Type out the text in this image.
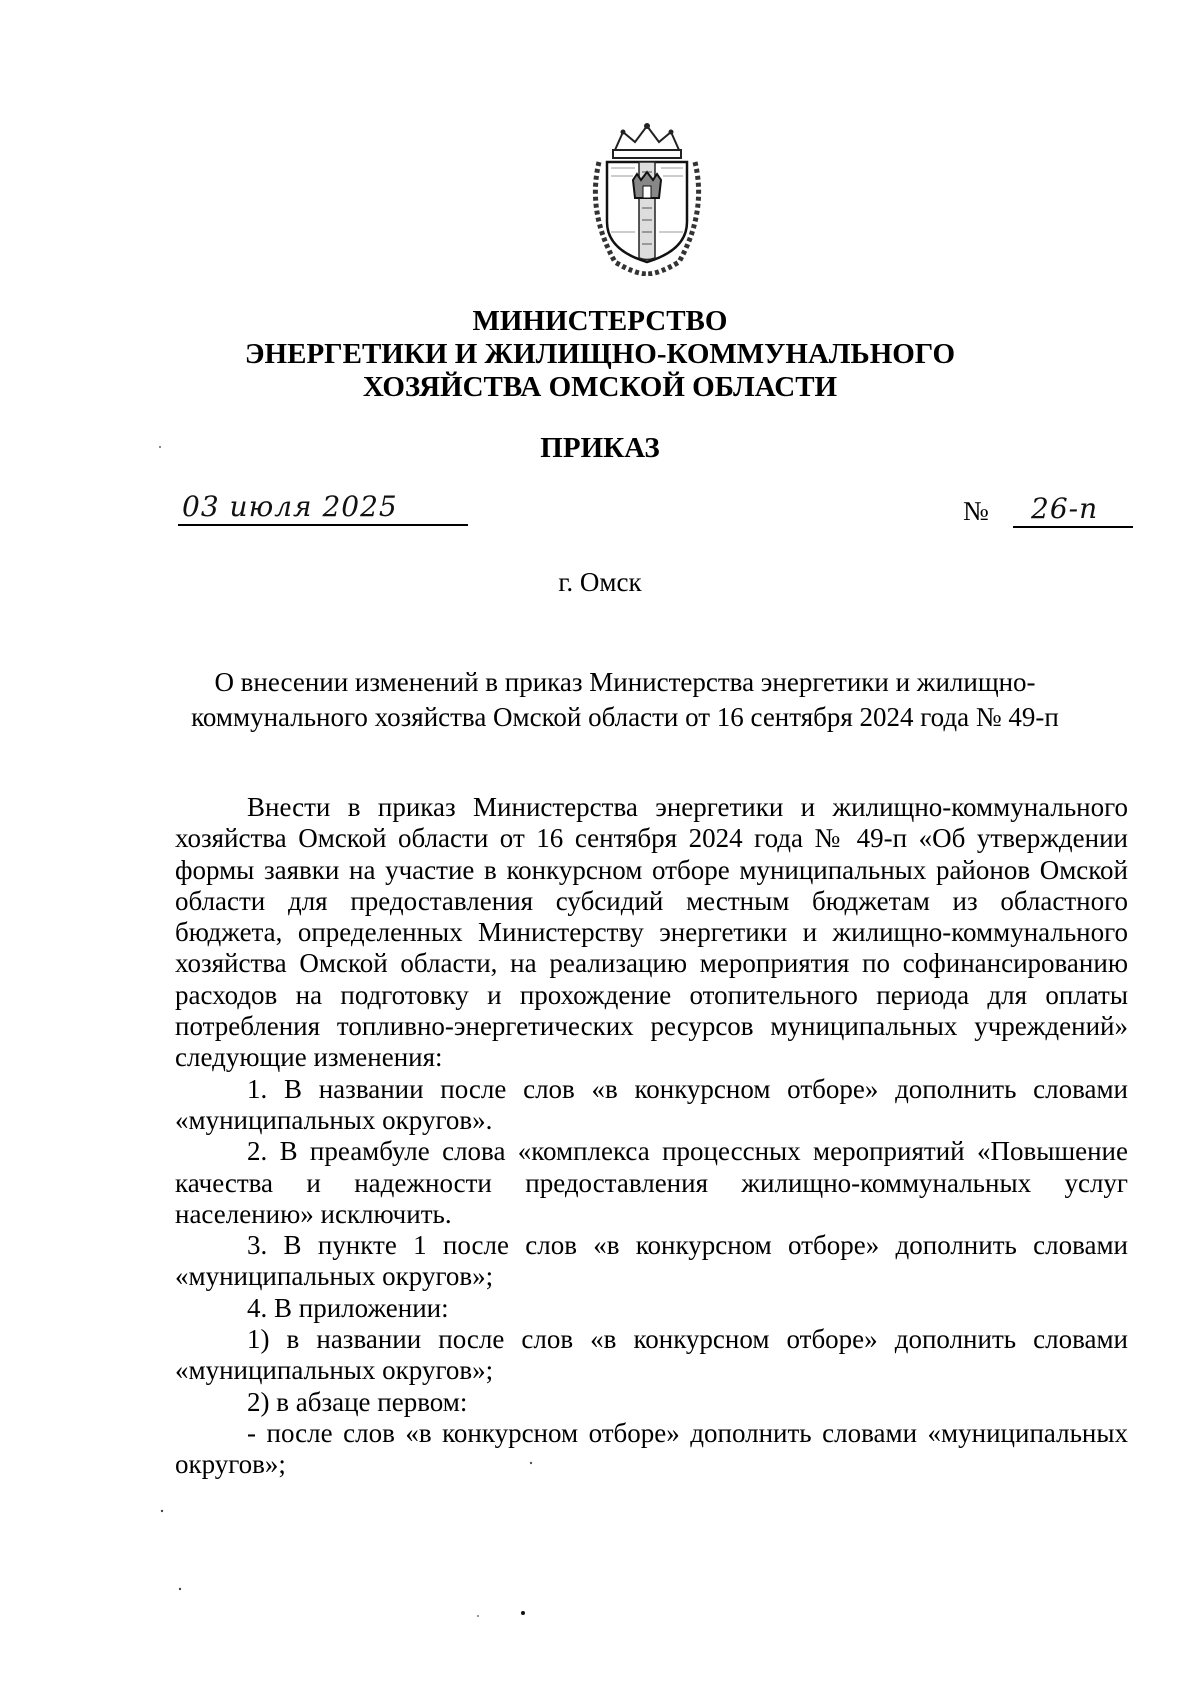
МИНИСТЕРСТВО
ЭНЕРГЕТИКИ И ЖИЛИЩНО-КОММУНАЛЬНОГО
ХОЗЯЙСТВА ОМСКОЙ ОБЛАСТИ
ПРИКАЗ
03 июля 2025	№ 26-п
г. Омск
О внесении изменений в приказ Министерства энергетики и жилищно-
коммунального хозяйства Омской области от 16 сентября 2024 года № 49-п

Внести в приказ Министерства энергетики и жилищно-коммунального хозяйства Омской области от 16 сентября 2024 года № 49-п «Об утверждении формы заявки на участие в конкурсном отборе муниципальных районов Омской области для предоставления субсидий местным бюджетам из областного бюджета, определенных Министерству энергетики и жилищно-коммунального хозяйства Омской области, на реализацию мероприятия по софинансированию расходов на подготовку и прохождение отопительного периода для оплаты потребления топливно-энергетических ресурсов муниципальных учреждений» следующие изменения:

1. В названии после слов «в конкурсном отборе» дополнить словами «муниципальных округов».

2. В преамбуле слова «комплекса процессных мероприятий «Повышение качества и надежности предоставления жилищно-коммунальных услуг населению» исключить.

3. В пункте 1 после слов «в конкурсном отборе» дополнить словами «муниципальных округов»;

4. В приложении:

1) в названии после слов «в конкурсном отборе» дополнить словами «муниципальных округов»;

2) в абзаце первом:

- после слов «в конкурсном отборе» дополнить словами «муниципальных округов»;
